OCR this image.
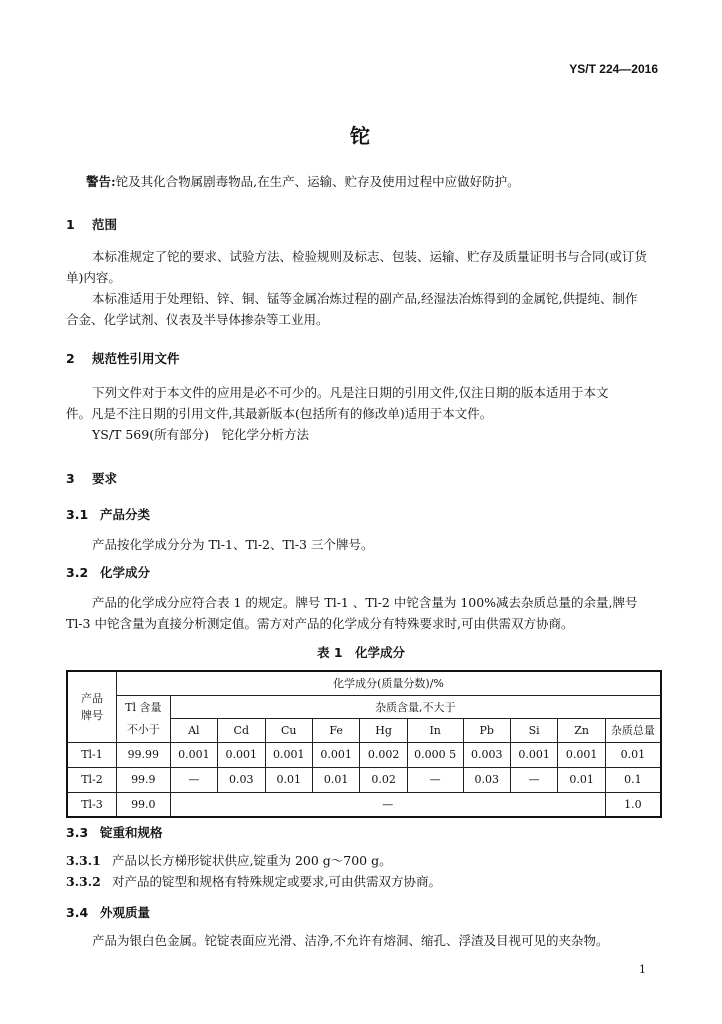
YS/T 224—2016
铊
警告:铊及其化合物属剧毒物品,在生产、运输、贮存及使用过程中应做好防护。
1 范围
本标准规定了铊的要求、试验方法、检验规则及标志、包装、运输、贮存及质量证明书与合同(或订货
单)内容。
本标准适用于处理铅、锌、铜、锰等金属冶炼过程的副产品,经湿法冶炼得到的金属铊,供提纯、制作
合金、化学试剂、仪表及半导体掺杂等工业用。
2 规范性引用文件
下列文件对于本文件的应用是必不可少的。凡是注日期的引用文件,仅注日期的版本适用于本文
件。凡是不注日期的引用文件,其最新版本(包括所有的修改单)适用于本文件。
YS/T 569(所有部分)　铊化学分析方法
3 要求
3.1 产品分类
产品按化学成分分为 Tl-1、Tl-2、Tl-3 三个牌号。
3.2 化学成分
产品的化学成分应符合表 1 的规定。牌号 Tl-1 、Tl-2 中铊含量为 100%减去杂质总量的余量,牌号
Tl-3 中铊含量为直接分析测定值。需方对产品的化学成分有特殊要求时,可由供需双方协商。
表 1　化学成分
产品
牌号	化学成分(质量分数)/%										

	Tl 含量
不小于	杂质含量,不大于									
		Al	Cd	Cu	Fe	Hg	In	Pb	Si	Zn	杂质总量
Tl-1	99.99	0.001	0.001	0.001	0.001	0.002	0.000 5	0.003	0.001	0.001	0.01
Tl-2	99.9	—	0.03	0.01	0.01	0.02	—	0.03	—	0.01	0.1
Tl-3	99.0	—									1.0
3.3 锭重和规格
3.3.1 产品以长方梯形锭状供应,锭重为 200 g～700 g。
3.3.2 对产品的锭型和规格有特殊规定或要求,可由供需双方协商。
3.4 外观质量
产品为银白色金属。铊锭表面应光滑、洁净,不允许有熔洞、缩孔、浮渣及目视可见的夹杂物。
1
